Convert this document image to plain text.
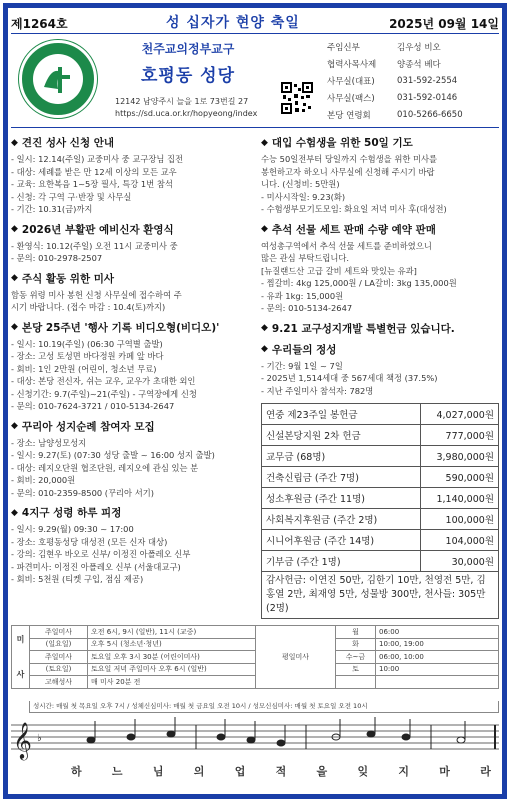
제1264호	성 십자가 현양 축일	2025년 09월 14일
천주교의정부교구
호평동 성당
12142 남양주시 늘을 1로 73번길 27
https://sd.uca.or.kr/hopyeong/index
주임신부	김우성 비오
협력사목사제	양종석 베다
사무실(대표)	031-592-2554
사무실(팩스)	031-592-0146
본당 연령회	010-5266-6650
◆ 견진 성사 신청 안내
- 일시: 12.14(주일) 교중미사 중 교구장님 집전
- 대상: 세례를 받은 만 12세 이상의 모든 교우
- 교육: 요한복음 1~5장 필사, 특강 1번 참석
- 신청: 각 구역 구·반장 및 사무실
- 기간: 10.31(금)까지
◆ 2026년 부활판 예비신자 환영식
- 환영식: 10.12(주일) 오전 11시 교중미사 중
- 문의: 010-2978-2507
◆ 주식 활동 위한 미사
함동 위령 미사 봉헌 신청 사무실에 접수하여 주
시기 바랍니다. (접수 마감 : 10.4(토)까지)
◆ 본당 25주년 '행사 기록 비디오형(비디오)'
- 일시: 10.19(주일) (06:30 구역별 출발)
- 장소: 고성 토성면 바다정원 카페 앞 바다
- 회비: 1인 2만원 (어린이, 청소년 무료)
- 대상: 본당 전신자, 쉬는 교우, 교우가 초대한 외인
- 신청기간: 9.7(주일)~21(주일) - 구역장에게 신청
- 문의: 010-7624-3721 / 010-5134-2647
◆ 꾸리아 성지순례 참여자 모집
- 장소: 남양성모성지
- 일시: 9.27(토) (07:30 성당 출발 ~ 16:00 성지 출발)
- 대상: 레지오단원 협조단원, 레지오에 관심 있는 분
- 회비: 20,000원
- 문의: 010-2359-8500 (꾸리아 서기)
◆ 4지구 성령 하루 피정
- 일시: 9.29(월) 09:30 ~ 17:00
- 장소: 호평동성당 대성전 (모든 신자 대상)
- 강의: 김현우 바오로 신부/ 이정진 아폴레오 신부
- 파견미사: 이정진 아폴레오 신부 (서울대교구)
- 회비: 5천원 (티켓 구입, 점심 제공)
◆ 대입 수험생을 위한 50일 기도
수능 50일전부터 당일까지 수험생을 위한 미사를
봉헌하고자 하오니 사무실에 신청해 주시기 바랍
니다. (신청비: 5만원)
- 미사시작일: 9.23(화)
- 수험생부모기도모임: 화요일 저녁 미사 후(대성전)
◆ 추석 선물 세트 판매 수량 예약 판매
여성총구역에서 추석 선물 세트를 준비하였으니
많은 관심 부탁드립니다.
[뉴질랜드산 고급 갈비 세트와 맛있는 유과]
- 찜갈비: 4kg 125,000원 / LA갈비: 3kg 135,000원
- 유과 1kg: 15,000원
- 문의: 010-5134-2647
◆ 9.21 교구성지개발 특별헌금 있습니다.
◆ 우리들의 정성
- 기간: 9월 1일 ~ 7일
- 2025년 1,514세대 중 567세대 책정 (37.5%)
- 지난 주일미사 참석자: 782명
연중 제23주일 봉헌금	4,027,000원
신설본당지원 2차 헌금	777,000원
교무금 (68명)	3,980,000원
건축신립금 (주간 7명)	590,000원
성소후원금 (주간 11명)	1,140,000원
사회복지후원금 (주간 2명)	100,000원
시니어후원금 (주간 14명)	104,000원
기부금 (주간 1명)	30,000원
감사헌금: 이연진 50만, 김한기 10만, 천영전 5만, 김홍열 2만, 최재영 5만, 성물방 300만, 천사들: 305만(2명)
미
사	주일미사	오전 6시, 9시 (일반), 11시 (교중)	평일미사	월	06:00
	(일요일)	오후 5시 (청소년·청년)		화	10:00, 19:00
	주일미사	토요일 오후 3시 30분 (어린이미사)		수~금	06:00, 10:00
	(토요일)	토요일 저녁 주일미사 오후 6시 (일반)		토	10:00
	고해성사	매 미사 20분 전			
성시간: 매월 첫 목요일 오후 7시 / 성체신심미사: 매월 첫 금요일 오전 10시 / 성모신심미사: 매월 첫 토요일 오전 10시
𝄞 ♭
하	느	님	의	업	적	을	잊	지	마	라
